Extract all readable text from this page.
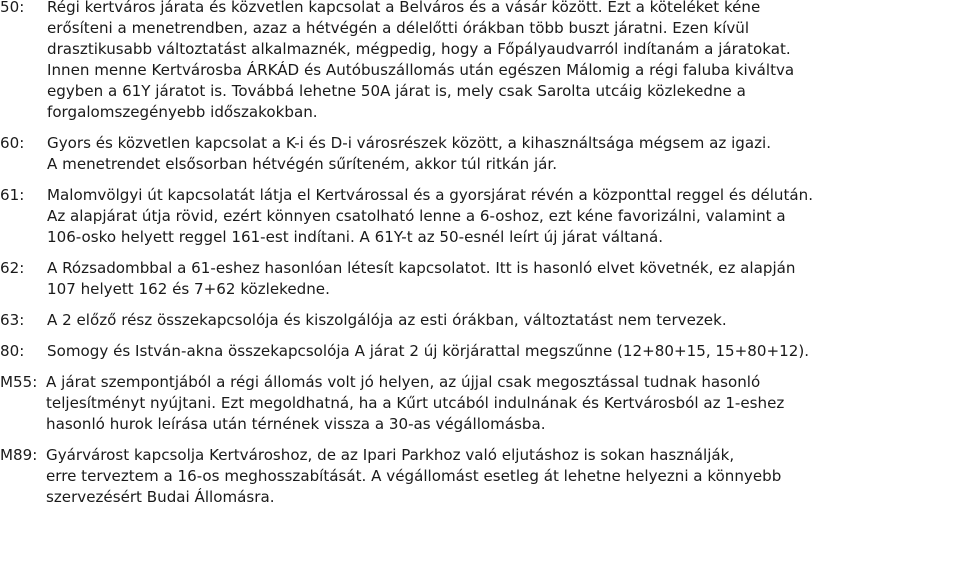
50:	Régi kertváros járata és közvetlen kapcsolat a Belváros és a vásár között. Ezt a köteléket kéne
erősíteni a menetrendben, azaz a hétvégén a délelőtti órákban több buszt járatni. Ezen kívül
drasztikusabb változtatást alkalmaznék, mégpedig, hogy a Főpályaudvarról indítanám a járatokat.
Innen menne Kertvárosba ÁRKÁD és Autóbuszállomás után egészen Málomig a régi faluba kiváltva
egyben a 61Y járatot is. Továbbá lehetne 50A járat is, mely csak Sarolta utcáig közlekedne a
forgalomszegényebb időszakokban.
60:	Gyors és közvetlen kapcsolat a K-i és D-i városrészek között, a kihasználtsága mégsem az igazi.
A menetrendet elsősorban hétvégén sűríteném, akkor túl ritkán jár.
61:	Malomvölgyi út kapcsolatát látja el Kertvárossal és a gyorsjárat révén a központtal reggel és délután.
Az alapjárat útja rövid, ezért könnyen csatolható lenne a 6-oshoz, ezt kéne favorizálni, valamint a
106-osko helyett reggel 161-est indítani. A 61Y-t az 50-esnél leírt új járat váltaná.
62:	A Rózsadombbal a 61-eshez hasonlóan létesít kapcsolatot. Itt is hasonló elvet követnék, ez alapján
107 helyett 162 és 7+62 közlekedne.
63:	A 2 előző rész összekapcsolója és kiszolgálója az esti órákban, változtatást nem tervezek.
80:	Somogy és István-akna összekapcsolója A járat 2 új körjárattal megszűnne (12+80+15, 15+80+12).
M55: A járat szempontjából a régi állomás volt jó helyen, az újjal csak megosztással tudnak hasonló
teljesítményt nyújtani. Ezt megoldhatná, ha a Kűrt utcából indulnának és Kertvárosból az 1-eshez
hasonló hurok leírása után térnének vissza a 30-as végállomásba.
M89: Gyárvárost kapcsolja Kertvároshoz, de az Ipari Parkhoz való eljutáshoz is sokan használják,
erre terveztem a 16-os meghosszabítását. A végállomást esetleg át lehetne helyezni a könnyebb
szervezésért Budai Állomásra.
